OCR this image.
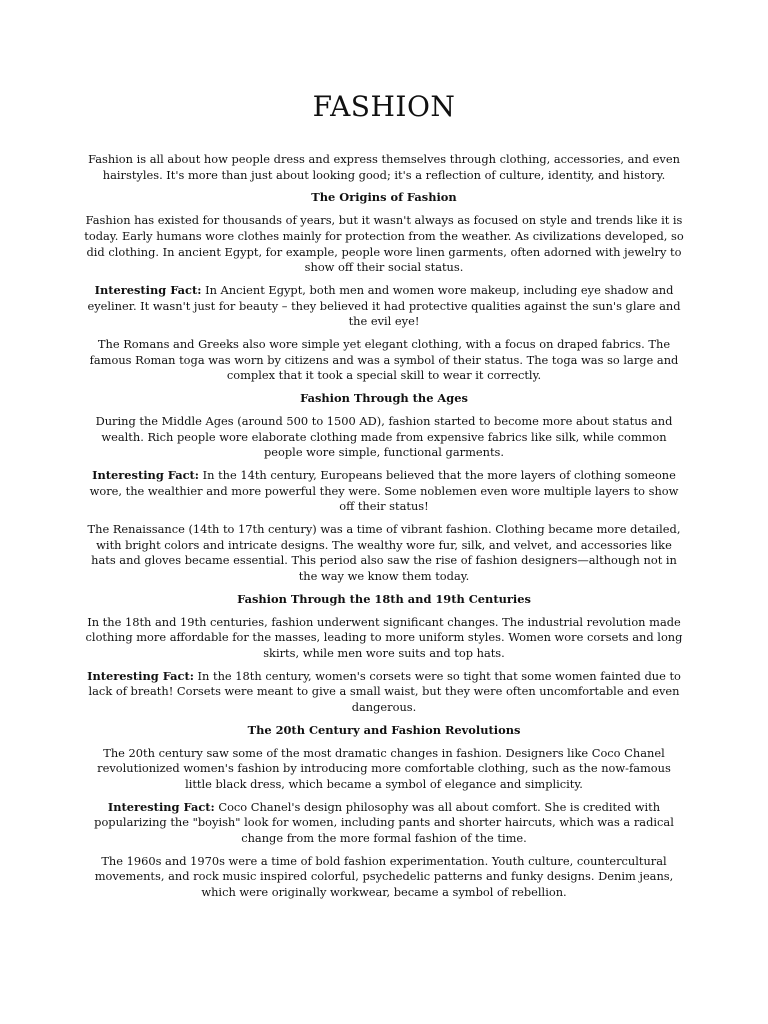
FASHION

Fashion is all about how people dress and express themselves through clothing, accessories, and even hairstyles. It's more than just about looking good; it's a reflection of culture, identity, and history.

The Origins of Fashion

Fashion has existed for thousands of years, but it wasn't always as focused on style and trends like it is today. Early humans wore clothes mainly for protection from the weather. As civilizations developed, so did clothing. In ancient Egypt, for example, people wore linen garments, often adorned with jewelry to show off their social status.

Interesting Fact: In Ancient Egypt, both men and women wore makeup, including eye shadow and eyeliner. It wasn't just for beauty – they believed it had protective qualities against the sun's glare and the evil eye!

The Romans and Greeks also wore simple yet elegant clothing, with a focus on draped fabrics. The famous Roman toga was worn by citizens and was a symbol of their status. The toga was so large and complex that it took a special skill to wear it correctly.

Fashion Through the Ages

During the Middle Ages (around 500 to 1500 AD), fashion started to become more about status and wealth. Rich people wore elaborate clothing made from expensive fabrics like silk, while common people wore simple, functional garments.

Interesting Fact: In the 14th century, Europeans believed that the more layers of clothing someone wore, the wealthier and more powerful they were. Some noblemen even wore multiple layers to show off their status!

The Renaissance (14th to 17th century) was a time of vibrant fashion. Clothing became more detailed, with bright colors and intricate designs. The wealthy wore fur, silk, and velvet, and accessories like hats and gloves became essential. This period also saw the rise of fashion designers—although not in the way we know them today.

Fashion Through the 18th and 19th Centuries

In the 18th and 19th centuries, fashion underwent significant changes. The industrial revolution made clothing more affordable for the masses, leading to more uniform styles. Women wore corsets and long skirts, while men wore suits and top hats.

Interesting Fact: In the 18th century, women's corsets were so tight that some women fainted due to lack of breath! Corsets were meant to give a small waist, but they were often uncomfortable and even dangerous.

The 20th Century and Fashion Revolutions

The 20th century saw some of the most dramatic changes in fashion. Designers like Coco Chanel revolutionized women's fashion by introducing more comfortable clothing, such as the now-famous little black dress, which became a symbol of elegance and simplicity.

Interesting Fact: Coco Chanel's design philosophy was all about comfort. She is credited with popularizing the "boyish" look for women, including pants and shorter haircuts, which was a radical change from the more formal fashion of the time.

The 1960s and 1970s were a time of bold fashion experimentation. Youth culture, countercultural movements, and rock music inspired colorful, psychedelic patterns and funky designs. Denim jeans, which were originally workwear, became a symbol of rebellion.
